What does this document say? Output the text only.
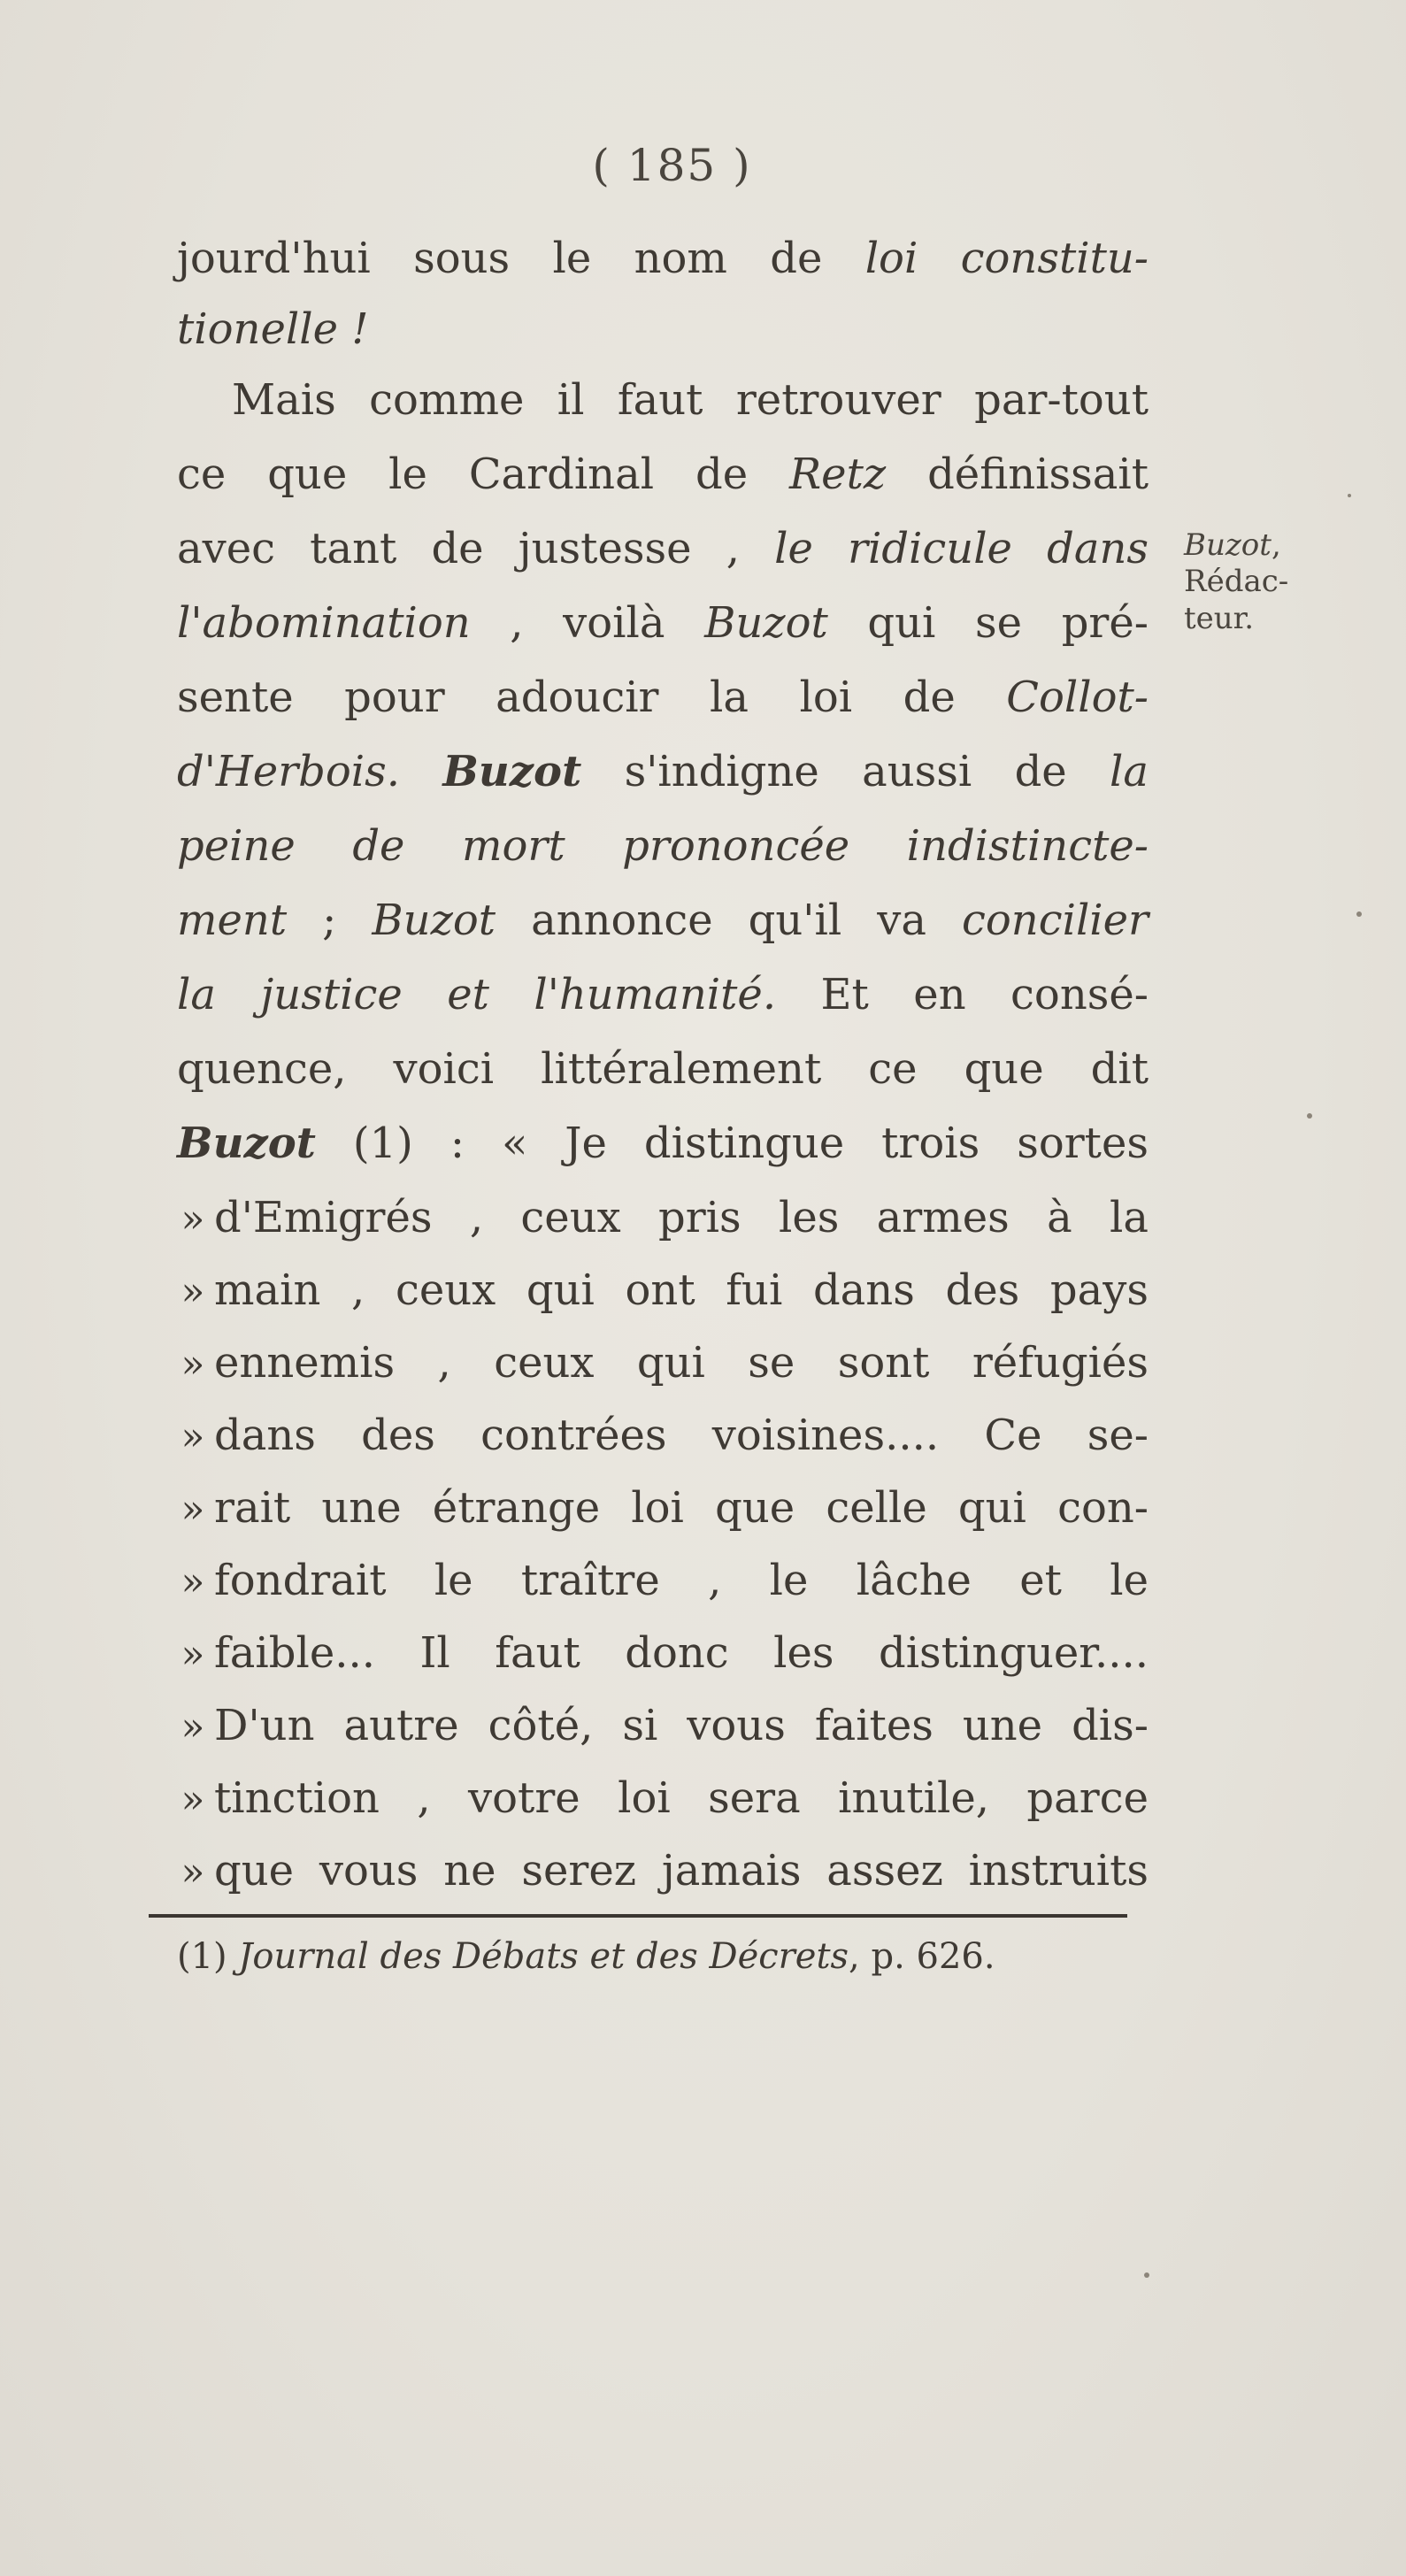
( 185 )
jourd'hui sous le nom de loi constitu-
tionelle !
Mais comme il faut retrouver par-tout
ce que le Cardinal de Retz définissait
avec tant de justesse , le ridicule dans
l'abomination , voilà Buzot qui se pré-
sente pour adoucir la loi de Collot-
d'Herbois. Buzot s'indigne aussi de la
peine de mort prononcée indistincte-
ment ; Buzot annonce qu'il va concilier
la justice et l'humanité. Et en consé-
quence, voici littéralement ce que dit
Buzot (1) : « Je distingue trois sortes
» d'Emigrés , ceux pris les armes à la
» main , ceux qui ont fui dans des pays
» ennemis , ceux qui se sont réfugiés
» dans des contrées voisines.... Ce se-
» rait une étrange loi que celle qui con-
» fondrait le traître , le lâche et le
» faible... Il faut donc les distinguer....
» D'un autre côté, si vous faites une dis-
» tinction , votre loi sera inutile, parce
» que vous ne serez jamais assez instruits
Buzot,
Rédac-
teur.
(1) Journal des Débats et des Décrets, p. 626.
